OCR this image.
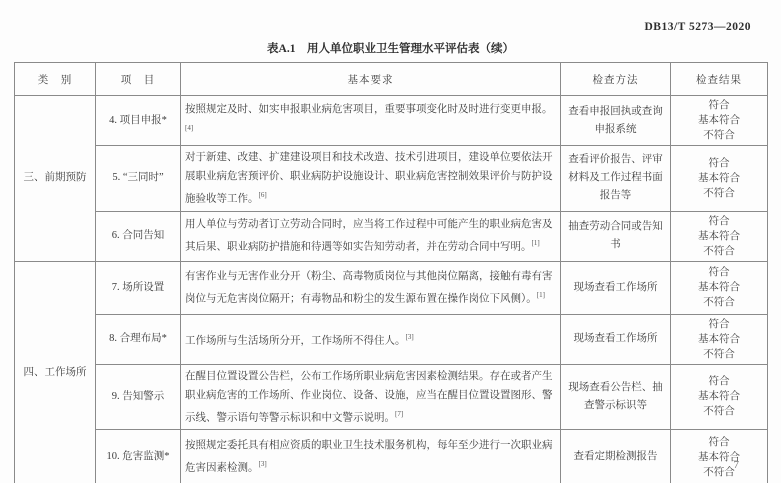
DB13/T 5273—2020
表A.1　用人单位职业卫生管理水平评估表（续）
类　别	项　目	基本要求	检查方法	检查结果
三、前期预防	4. 项目申报*	按照规定及时、如实申报职业病危害项目，重要事项变化时及时进行变更申报。[4]	查看申报回执或查询申报系统	符合
基本符合
不符合

	5. “三同时”	对于新建、改建、扩建建设项目和技术改造、技术引进项目，建设单位要依法开展职业病危害预评价、职业病防护设施设计、职业病危害控制效果评价与防护设施验收等工作。[6]	查看评价报告、评审材料及工作过程书面报告等	符合
基本符合
不符合

	6. 合同告知	用人单位与劳动者订立劳动合同时，应当将工作过程中可能产生的职业病危害及其后果、职业病防护措施和待遇等如实告知劳动者，并在劳动合同中写明。[1]	抽查劳动合同或告知书	符合
基本符合
不符合

四、工作场所	7. 场所设置	有害作业与无害作业分开（粉尘、高毒物质岗位与其他岗位隔离，接触有毒有害岗位与无危害岗位隔开；有毒物品和粉尘的发生源布置在操作岗位下风侧）。[1]	现场查看工作场所	符合
基本符合
不符合

	8. 合理布局*	工作场所与生活场所分开，工作场所不得住人。[3]	现场查看工作场所	符合
基本符合
不符合

	9. 告知警示	在醒目位置设置公告栏，公布工作场所职业病危害因素检测结果。存在或者产生职业病危害的工作场所、作业岗位、设备、设施，应当在醒目位置设置图形、警示线、警示语句等警示标识和中文警示说明。[7]	现场查看公告栏、抽查警示标识等	符合
基本符合
不符合

	10. 危害监测*	按照规定委托具有相应资质的职业卫生技术服务机构，每年至少进行一次职业病危害因素检测。[3]	查看定期检测报告	符合
基本符合
不符合
7
